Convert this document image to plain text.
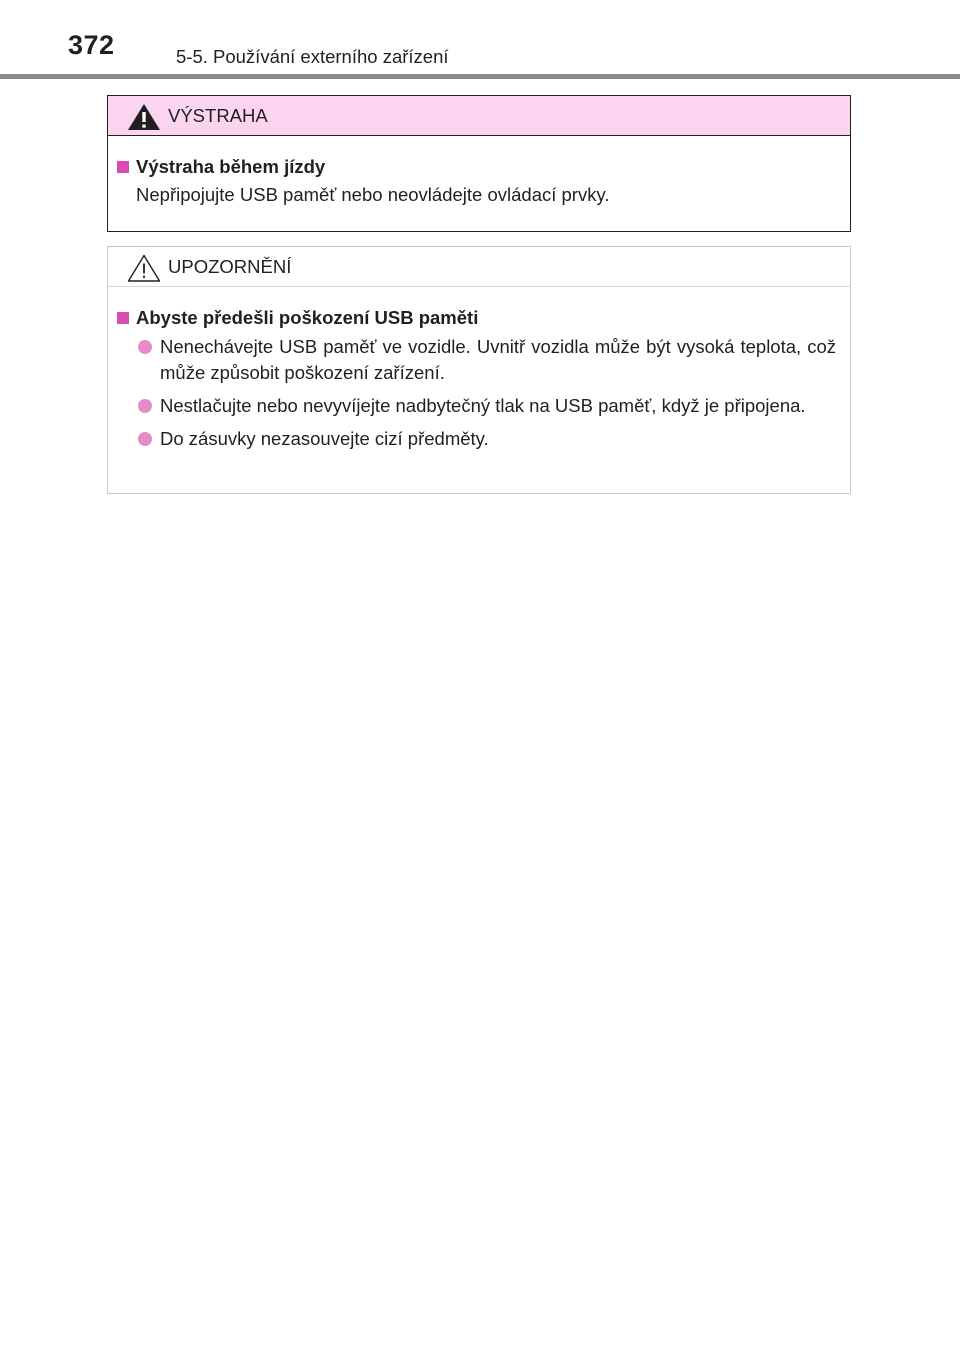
372	5-5. Používání externího zařízení
VÝSTRAHA
Výstraha během jízdy
Nepřipojujte USB paměť nebo neovládejte ovládací prvky.
UPOZORNĚNÍ
Abyste předešli poškození USB paměti
Nenechávejte USB paměť ve vozidle. Uvnitř vozidla může být vysoká teplota, což může způsobit poškození zařízení.
Nestlačujte nebo nevyvíjejte nadbytečný tlak na USB paměť, když je připojena.
Do zásuvky nezasouvejte cizí předměty.
